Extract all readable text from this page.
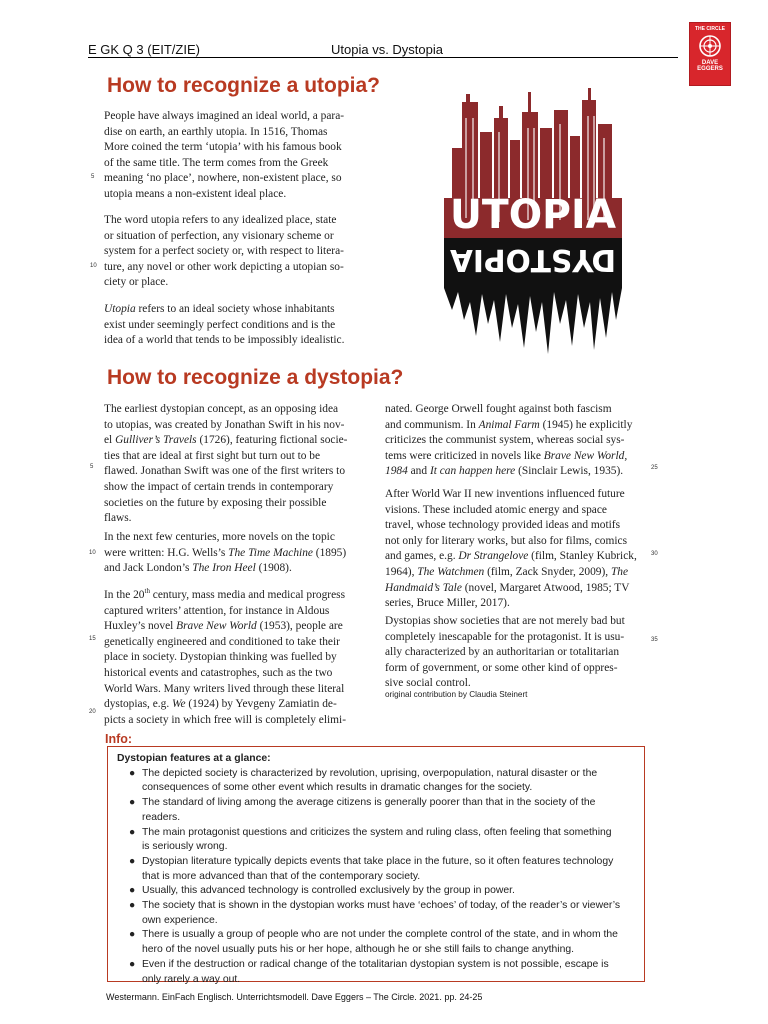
E GK Q 3 (EIT/ZIE)	Utopia vs. Dystopia
THE CIRCLE
DAVE EGGERS
How to recognize a utopia?

People have always imagined an ideal world, a para-
dise on earth, an earthly utopia. In 1516, Thomas
More coined the term ‘utopia’ with his famous book
of the same title. The term comes from the Greek
meaning ‘no place’, nowhere, non-existent place, so
utopia means a non-existent ideal place.

The word utopia refers to any idealized place, state
or situation of perfection, any visionary scheme or
system for a perfect society or, with respect to litera-
ture, any novel or other work depicting a utopian so-
ciety or place.

Utopia refers to an ideal society whose inhabitants
exist under seemingly perfect conditions and is the
idea of a world that tends to be impossibly idealistic.

5
10
UTOPIA
DYSTOPIA
How to recognize a dystopia?

The earliest dystopian concept, as an opposing idea
to utopias, was created by Jonathan Swift in his nov-
el Gulliver’s Travels (1726), featuring fictional socie-
ties that are ideal at first sight but turn out to be
flawed. Jonathan Swift was one of the first writers to
show the impact of certain trends in contemporary
societies on the future by exposing their possible
flaws.

In the next few centuries, more novels on the topic
were written: H.G. Wells’s The Time Machine (1895)
and Jack London’s The Iron Heel (1908).

In the 20th century, mass media and medical progress
captured writers’ attention, for instance in Aldous
Huxley’s novel Brave New World (1953), people are
genetically engineered and conditioned to take their
place in society. Dystopian thinking was fuelled by
historical events and catastrophes, such as the two
World Wars. Many writers lived through these literal
dystopias, e.g. We (1924) by Yevgeny Zamiatin de-
picts a society in which free will is completely elimi-

nated. George Orwell fought against both fascism
and communism. In Animal Farm (1945) he explicitly
criticizes the communist system, whereas social sys-
tems were criticized in novels like Brave New World,
1984 and It can happen here (Sinclair Lewis, 1935).

After World War II new inventions influenced future
visions. These included atomic energy and space
travel, whose technology provided ideas and motifs
not only for literary works, but also for films, comics
and games, e.g. Dr Strangelove (film, Stanley Kubrick,
1964), The Watchmen (film, Zack Snyder, 2009), The
Handmaid’s Tale (novel, Margaret Atwood, 1985; TV
series, Bruce Miller, 2017).

Dystopias show societies that are not merely bad but
completely inescapable for the protagonist. It is usu-
ally characterized by an authoritarian or totalitarian
form of government, or some other kind of oppres-
sive social control.

5
10
15
20
25
30
35
original contribution by Claudia Steinert
Info:
Dystopian features at a glance:
● The depicted society is characterized by revolution, uprising, overpopulation, natural disaster or the
consequences of some other event which results in dramatic changes for the society.
● The standard of living among the average citizens is generally poorer than that in the society of the
readers.
● The main protagonist questions and criticizes the system and ruling class, often feeling that something
is seriously wrong.
● Dystopian literature typically depicts events that take place in the future, so it often features technology
that is more advanced than that of the contemporary society.
● Usually, this advanced technology is controlled exclusively by the group in power.
● The society that is shown in the dystopian works must have ‘echoes’ of today, of the reader’s or viewer’s
own experience.
● There is usually a group of people who are not under the complete control of the state, and in whom the
hero of the novel usually puts his or her hope, although he or she still fails to change anything.
● Even if the destruction or radical change of the totalitarian dystopian system is not possible, escape is
only rarely a way out.
Westermann. EinFach Englisch. Unterrichtsmodell. Dave Eggers – The Circle. 2021. pp. 24-25
